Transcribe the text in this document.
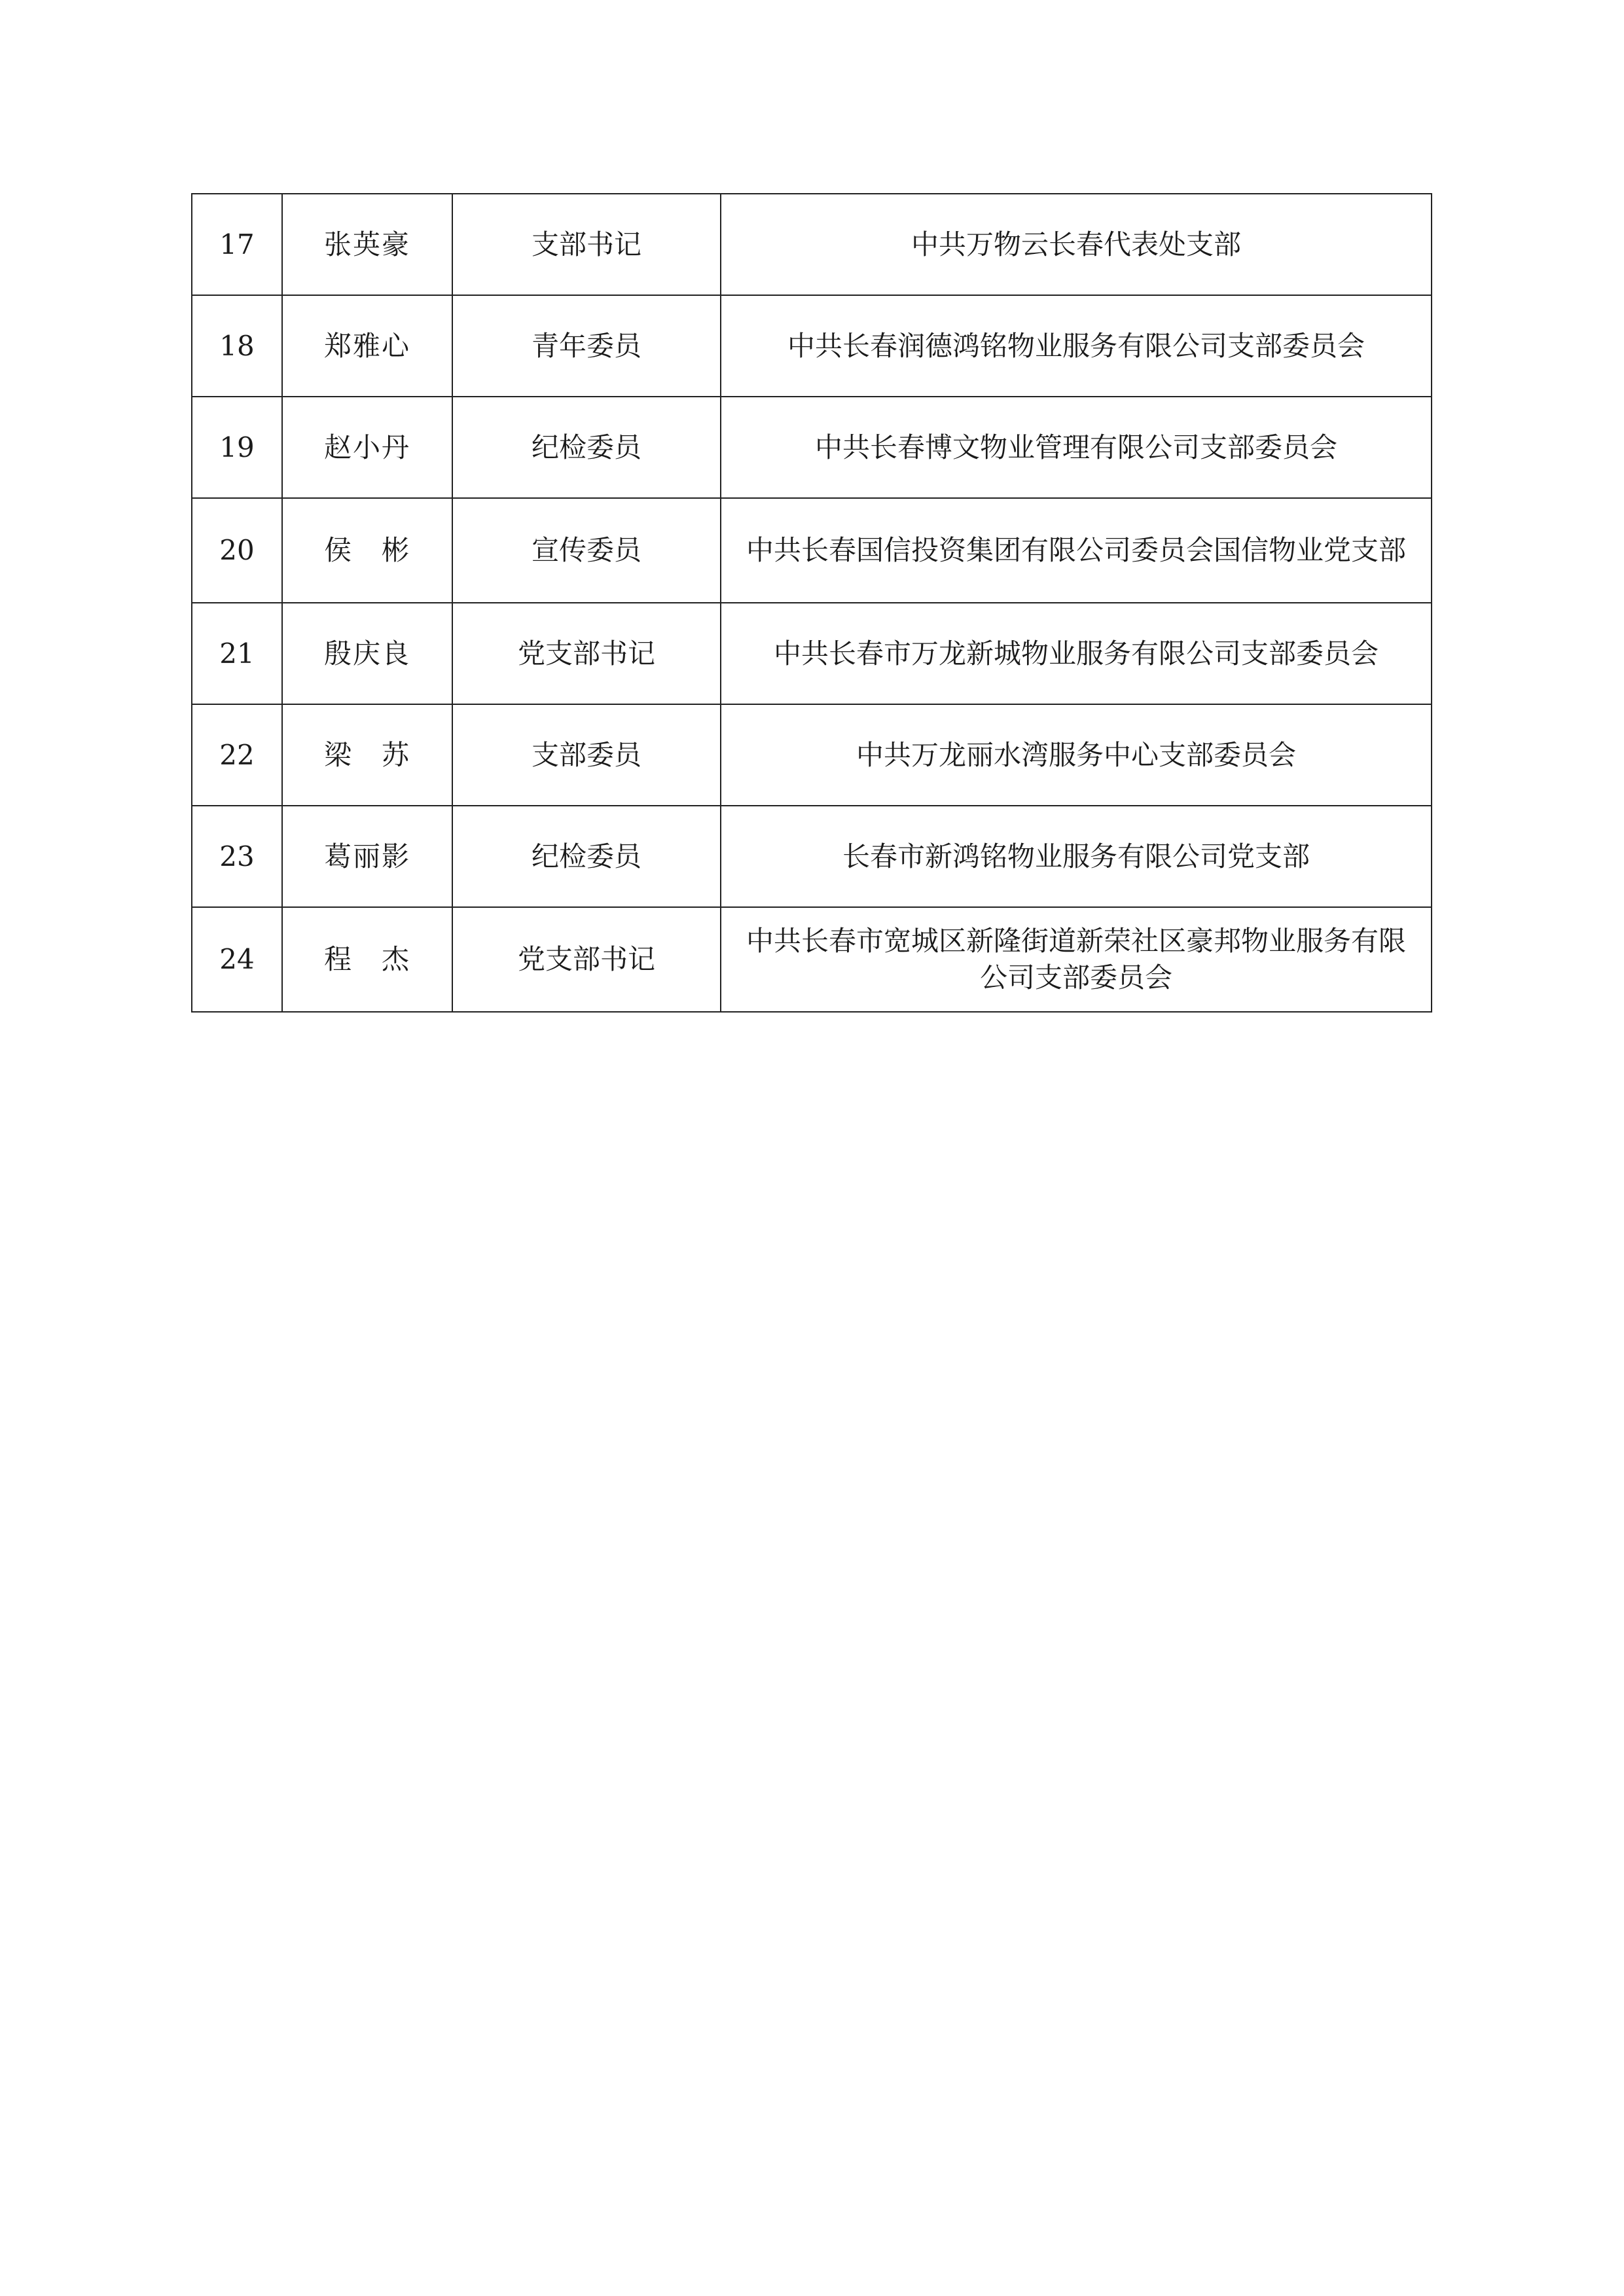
17	张英豪	支部书记	中共万物云长春代表处支部
18	郑雅心	青年委员	中共长春润德鸿铭物业服务有限公司支部委员会
19	赵小丹	纪检委员	中共长春博文物业管理有限公司支部委员会
20	侯　彬	宣传委员	中共长春国信投资集团有限公司委员会国信物业党支部
21	殷庆良	党支部书记	中共长春市万龙新城物业服务有限公司支部委员会
22	梁　苏	支部委员	中共万龙丽水湾服务中心支部委员会
23	葛丽影	纪检委员	长春市新鸿铭物业服务有限公司党支部
24	程　杰	党支部书记	中共长春市宽城区新隆街道新荣社区豪邦物业服务有限公司支部委员会
